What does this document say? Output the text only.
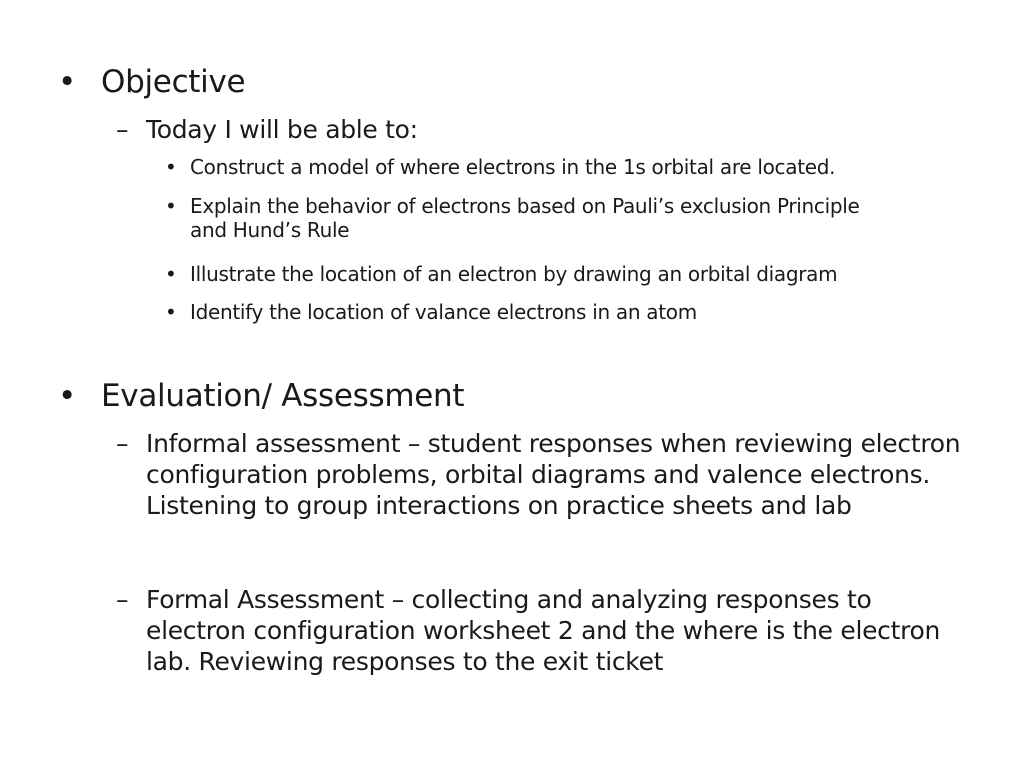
• Objective
– Today I will be able to:
• Construct a model of where electrons in the 1s orbital are located.
• Explain the behavior of electrons based on Pauli’s exclusion Principle and Hund’s Rule
• Illustrate the location of an electron by drawing an orbital diagram
• Identify the location of valance electrons in an atom
• Evaluation/ Assessment
– Informal assessment – student responses when reviewing electron configuration problems, orbital diagrams and valence electrons. Listening to group interactions on practice sheets and lab
– Formal Assessment – collecting and analyzing responses to electron configuration worksheet 2 and the where is the electron lab. Reviewing responses to the exit ticket
